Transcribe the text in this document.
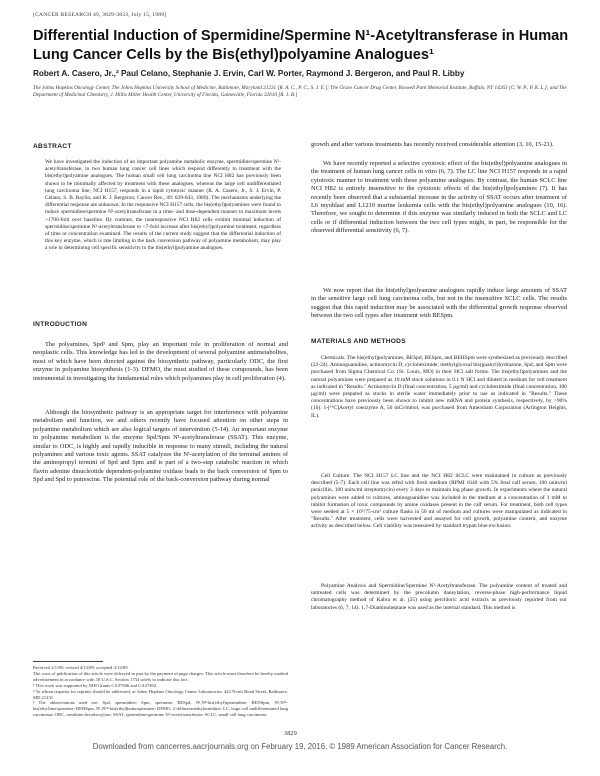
[CANCER RESEARCH 49, 3829-3833, July 15, 1989]
Differential Induction of Spermidine/Spermine N¹-Acetyltransferase in Human Lung Cancer Cells by the Bis(ethyl)polyamine Analogues¹
Robert A. Casero, Jr.,² Paul Celano, Stephanie J. Ervin, Carl W. Porter, Raymond J. Bergeron, and Paul R. Libby
The Johns Hopkins Oncology Center, The Johns Hopkins University School of Medicine, Baltimore, Maryland 21231 [R. A. C., P. C., S. J. E.]; The Grace Cancer Drug Center, Roswell Park Memorial Institute, Buffalo, NY 14263 [C. W. P., P. R. L.]; and The Department of Medicinal Chemistry, J. Hillis Miller Health Center, University of Florida, Gainesville, Florida 32610 [R. J. B.]
ABSTRACT

We have investigated the induction of an important polyamine metabolic enzyme, spermidine/spermine N¹-acetyltransferase, in two human lung cancer cell lines which respond differently to treatment with the bis(ethyl)polyamine analogues. The human small cell lung carcinoma line NCI H82 has previously been shown to be minimally affected by treatment with these analogues, whereas the large cell undifferentiated lung carcinoma line, NCI H157, responds in a rapid cytotoxic manner (R. A. Casero, Jr., S. J. Ervin, P. Celano, S. B. Baylin, and R. J. Bergeron, Cancer Res., 49: 639-643, 1989). The mechanisms underlying the differential response are unknown. In the responsive NCI H157 cells, the bis(ethyl)polyamines were found to induce spermidine/spermine N¹-acetyltransferase in a time- and dose-dependent manner to maximum levels >1700-fold over baseline. By contrast, the nonresponsive NCI H82 cells exhibit minimal induction of spermidine/spermine N¹-acetyltransferase to <7-fold increase after bis(ethyl)polyamine treatment, regardless of time or concentration examined. The results of the current study suggest that the differential induction of this key enzyme, which is rate limiting in the back conversion pathway of polyamine metabolism, may play a role in determining cell specific sensitivity to the bis(ethyl)polyamine analogues.

INTRODUCTION

The polyamines, Spd³ and Spm, play an important role in proliferation of normal and neoplastic cells. This knowledge has led to the development of several polyamine antimetabolites, most of which have been directed against the biosynthetic pathway, particularly ODC, the first enzyme in polyamine biosynthesis (1-3). DFMO, the most studied of these compounds, has been instrumental in investigating the fundamental roles which polyamines play in cell proliferation (4).

Although the biosynthetic pathway is an appropriate target for interference with polyamine metabolism and function, we and others recently have focused attention on other steps in polyamine metabolism which are also logical targets of intervention (5-14). An important enzyme in polyamine metabolism is the enzyme Spd/Spm N¹-acetyltransferase (SSAT). This enzyme, similar to ODC, is highly and rapidly inducible in response to many stimuli, including the natural polyamines and various toxic agents. SSAT catalyzes the N¹-acetylation of the terminal amines of the aminopropyl termini of Spd and Spm and is part of a two-step catabolic reaction in which flavin adenine dinucleotide dependent-polyamine oxidase leads to the back conversion of Spm to Spd and Spd to putrescine. The potential role of the back-conversion pathway during normal

Received 2/1/89; revised 4/13/89; accepted 4/13/89.

The costs of publication of this article were defrayed in part by the payment of page charges. This article must therefore be hereby marked advertisement in accordance with 18 U.S.C. Section 1734 solely to indicate this fact.

¹ This work was supported by NIH Grants CA37606 and CA47492.

² To whom requests for reprints should be addressed, at Johns Hopkins Oncology Center Laboratories, 424 North Bond Street, Baltimore, MD 21231.

³ The abbreviations used are: Spd, spermidine; Spm, spermine; BESpd, N¹,N⁸-bis(ethyl)spermidine; BENSpm, N¹,N¹¹-bis(ethyl)norspermine; BEHSpm, N¹,N¹⁴-bis(ethyl)homospermine; DFMO, 2-difluoromethylornithine; LC, large cell undifferentiated lung carcinoma; ODC, ornithine decarboxylase; SSAT, spermidine/spermine N¹-acetyltransferase; SCLC, small cell lung carcinoma.

growth and after various treatments has recently received considerable attention (3, 10, 15-21).

We have recently reported a selective cytotoxic effect of the bis(ethyl)polyamine analogues in the treatment of human lung cancer cells in vitro (6, 7). The LC line NCI H157 responds in a rapid cytotoxic manner to treatment with these polyamine analogues. By contrast, the human SCLC line NCI H82 is entirely insensitive to the cytotoxic effects of the bis(ethyl)polyamines (7). It has recently been observed that a substantial increase in the activity of SSAT occurs after treatment of L6 myoblast and L1210 murine leukemia cells with the bis(ethyl)polyamine analogues (10, 16). Therefore, we sought to determine if this enzyme was similarly induced in both the SCLC and LC cells or if differential induction between the two cell types might, in part, be responsible for the observed differential sensitivity (6, 7).

We now report that the bis(ethyl)polyamine analogues rapidly induce large amounts of SSAT in the sensitive large cell lung carcinoma cells, but not in the insensitive SCLC cells. The results suggest that this rapid induction may be associated with the differential growth response observed between the two cell types after treatment with BESpm.

MATERIALS AND METHODS

Chemicals. The bis(ethyl)polyamines, BESpd, BESpm, and BEHSpm were synthesized as previously described (22-24). Aminoguanidine, actinomycin D, cycloheximide, methylglyoxal bis(guanyl)hydrazone, Spd, and Spm were purchased from Sigma Chemical Co. (St. Louis, MO) in their HCl salt forms. The bis(ethyl)polyamines and the natural polyamines were prepared as 10 mM stock solutions in 0.1 N HCl and diluted in medium for cell treatment as indicated in "Results." Actinomycin D (final concentration, 5 µg/ml) and cycloheximide (final concentration, 100 µg/ml) were prepared as stocks in sterile water immediately prior to use as indicated in "Results." These concentrations have previously been shown to inhibit new mRNA and protein synthesis, respectively, by >90% (16). 1-[¹⁴C]Acetyl coenzyme A, 50 mCi/mmol, was purchased from Amersham Corporation (Arlington Heights, IL).

Cell Culture. The NCI H157 LC line and the NCI H82 SCLC were maintained in culture as previously described (5-7). Each cell line was refed with fresh medium (RPMI 1640 with 5% fetal calf serum, 100 units/ml penicillin, 100 units/ml streptomycin) every 3 days to maintain log phase growth. In experiments where the natural polyamines were added to cultures, aminoguanidine was included in the medium at a concentration of 1 mM to inhibit formation of toxic compounds by amine oxidases present in the calf serum. For treatment, both cell types were seeded at 5 × 10⁵/75-cm² culture flasks in 50 ml of medium and cultures were manipulated as indicated in "Results." After treatment, cells were harvested and assayed for cell growth, polyamine content, and enzyme activity as described below. Cell viability was measured by standard trypan blue exclusion.

Polyamine Analysis and Spermidine/Spermine N¹-Acetyltransferase. The polyamine content of treated and untreated cells was determined by the precolumn dansylation, reverse-phase high-performance liquid chromatography method of Kabra et al. (25) using perchloric acid extracts as previously reported from our laboratories (6, 7, 14). 1,7-Diaminoheptane was used as the internal standard. This method is

3829
Downloaded from cancerres.aacrjournals.org on February 19, 2016. © 1989 American Association for Cancer Research.
